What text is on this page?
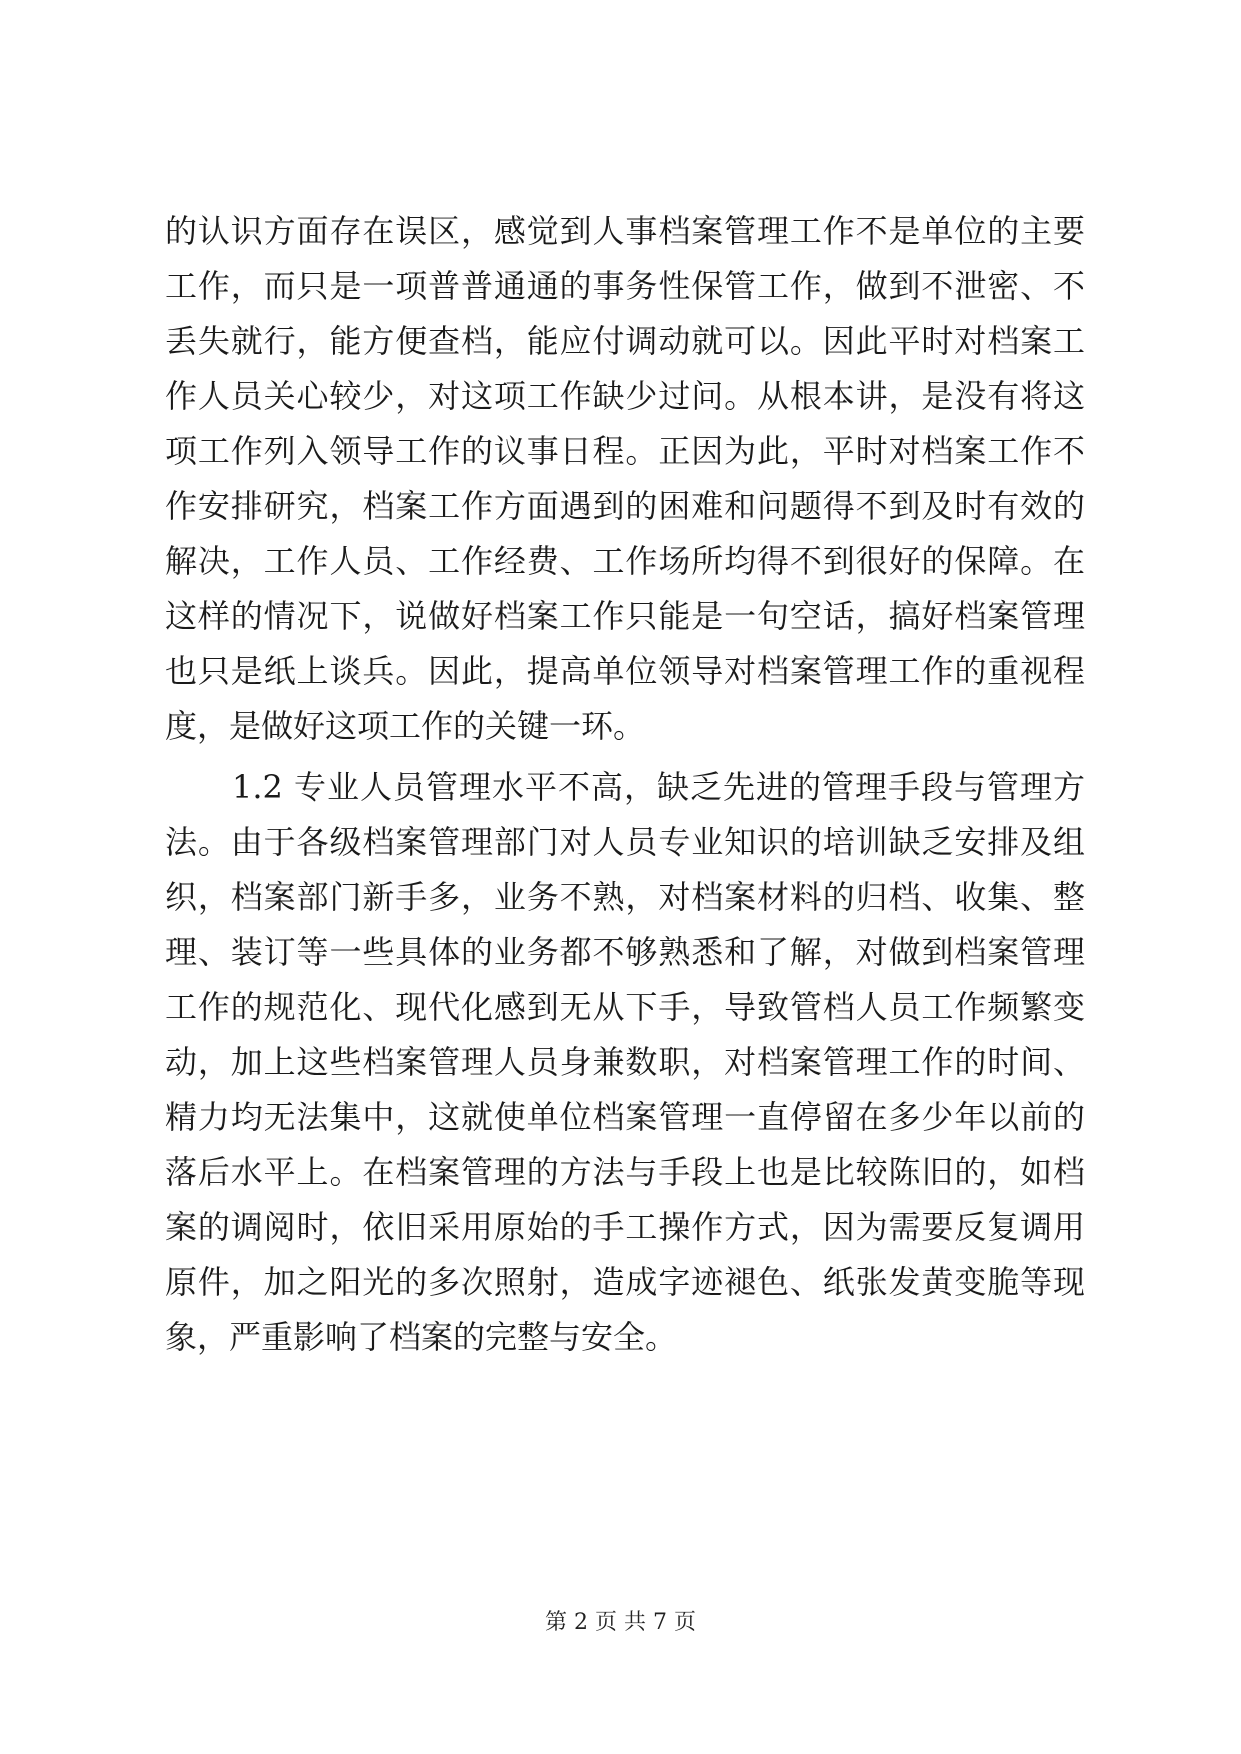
的认识方面存在误区，感觉到人事档案管理工作不是单位的主要
工作，而只是一项普普通通的事务性保管工作，做到不泄密、不
丢失就行，能方便查档，能应付调动就可以。因此平时对档案工
作人员关心较少，对这项工作缺少过问。从根本讲，是没有将这
项工作列入领导工作的议事日程。正因为此，平时对档案工作不
作安排研究，档案工作方面遇到的困难和问题得不到及时有效的
解决，工作人员、工作经费、工作场所均得不到很好的保障。在
这样的情况下，说做好档案工作只能是一句空话，搞好档案管理
也只是纸上谈兵。因此，提高单位领导对档案管理工作的重视程
度，是做好这项工作的关键一环。
1.2 专业人员管理水平不高，缺乏先进的管理手段与管理方
法。由于各级档案管理部门对人员专业知识的培训缺乏安排及组
织，档案部门新手多，业务不熟，对档案材料的归档、收集、整
理、装订等一些具体的业务都不够熟悉和了解，对做到档案管理
工作的规范化、现代化感到无从下手，导致管档人员工作频繁变
动，加上这些档案管理人员身兼数职，对档案管理工作的时间、
精力均无法集中，这就使单位档案管理一直停留在多少年以前的
落后水平上。在档案管理的方法与手段上也是比较陈旧的，如档
案的调阅时，依旧采用原始的手工操作方式，因为需要反复调用
原件，加之阳光的多次照射，造成字迹褪色、纸张发黄变脆等现
象，严重影响了档案的完整与安全。
第 2 页 共 7 页
